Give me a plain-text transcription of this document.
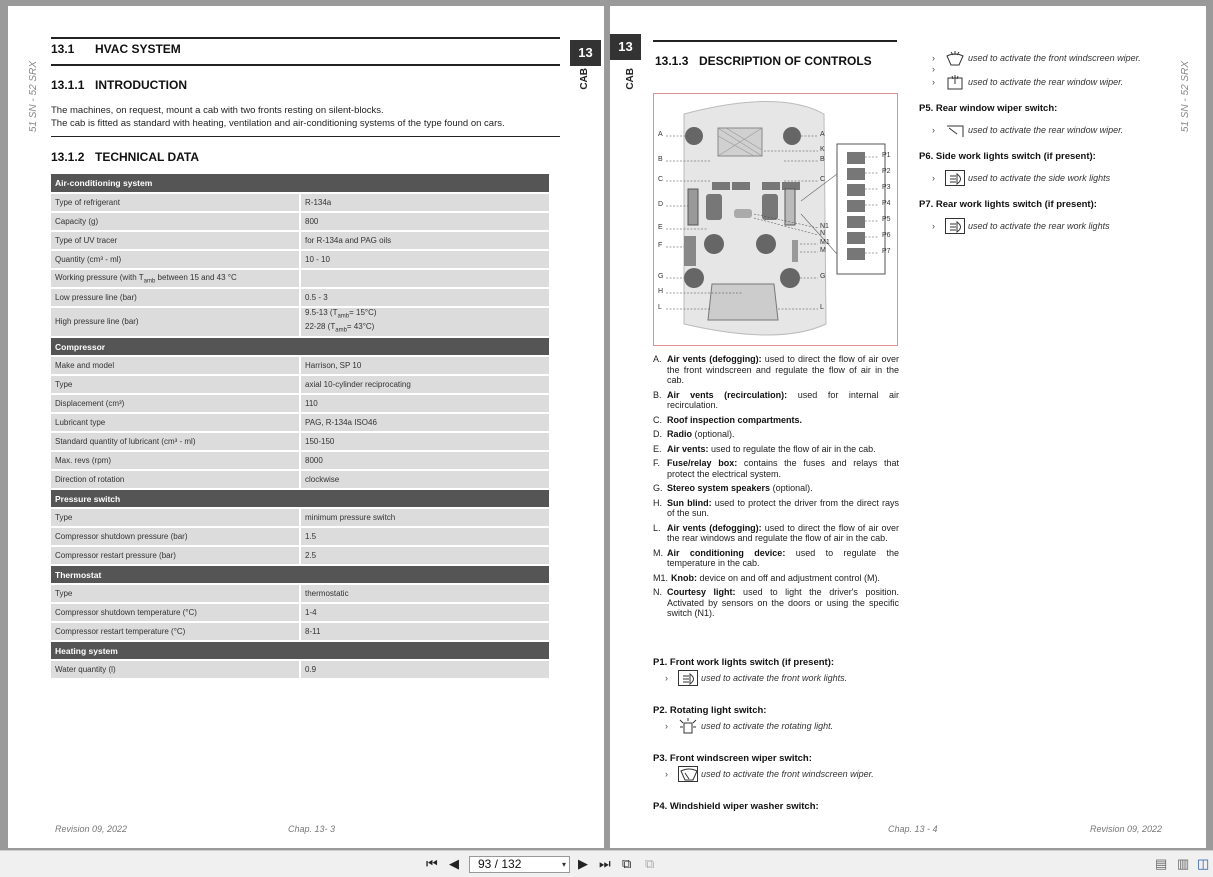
51 SN - 52 SRX
13.1 HVAC SYSTEM
13.1.1 INTRODUCTION
The machines, on request, mount a cab with two fronts resting on silent-blocks.
The cab is fitted as standard with heating, ventilation and air-conditioning systems of the type found on cars.
13.1.2 TECHNICAL DATA
Air-conditioning system	
Type of refrigerant	R-134a
Capacity (g)	800
Type of UV tracer	for R-134a and PAG oils
Quantity (cm³ - ml)	10 - 10
Working pressure (with $T_{amb}$ between 15 and 43 °C	
Low pressure line (bar)	0.5 - 3
High pressure line (bar)	9.5-13 $(T_{amb}= 15^\circ C)$
22-28 $(T_{amb}= 43^\circ C)$

Compressor	
Make and model	Harrison, SP 10
Type	axial 10-cylinder reciprocating
Displacement (cm³)	110
Lubricant type	PAG, R-134a ISO46
Standard quantity of lubricant (cm³ - ml)	150-150
Max. revs (rpm)	8000
Direction of rotation	clockwise
Pressure switch	
Type	minimum pressure switch
Compressor shutdown pressure (bar)	1.5
Compressor restart pressure (bar)	2.5
Thermostat	
Type	thermostatic
Compressor shutdown temperature (°C)	1-4
Compressor restart temperature (°C)	8-11
Heating system	
Water quantity (l)	0.9
Revision 09, 2022	Chap. 13- 3
13
CAB
13
CAB	51 SN - 52 SRX
13.1.3 DESCRIPTION OF CONTROLS
A
B
C
D
E
F
G
H
L
A
K
B
C
N1
N
M1
M
G
L
P1
P2
P3
P4
P5
P6
P7
A. Air vents (defogging): used to direct the flow of air over the front windscreen and regulate the flow of air in the cab.
B. Air vents (recirculation): used for internal air recirculation.
C. Roof inspection compartments.
D. Radio (optional).
E. Air vents: used to regulate the flow of air in the cab.
F. Fuse/relay box: contains the fuses and relays that protect the electrical system.
G. Stereo system speakers (optional).
H. Sun blind: used to protect the driver from the direct rays of the sun.
L. Air vents (defogging): used to direct the flow of air over the rear windows and regulate the flow of air in the cab.
M. Air conditioning device: used to regulate the temperature in the cab.
M1. Knob: device on and off and adjustment control (M).
N. Courtesy light: used to light the driver's position. Activated by sensors on the doors or using the specific switch (N1).
P1. Front work lights switch (if present):
›	used to activate the front work lights.
P2. Rotating light switch:
›	used to activate the rotating light.
P3. Front windscreen wiper switch:
›	used to activate the front windscreen wiper.
P4. Windshield wiper washer switch:
›	used to activate the front windscreen wiper.
›
›	used to activate the rear window wiper.
P5. Rear window wiper switch:
›	used to activate the rear window wiper.
P6. Side work lights switch (if present):
›	used to activate the side work lights
P7. Rear work lights switch (if present):
›	used to activate the rear work lights
Chap. 13 - 4	Revision 09, 2022
⏮ ◀	93 / 132	▾ ▶ ⏭ ⧉ ⧉	▤ ▥ ◫
